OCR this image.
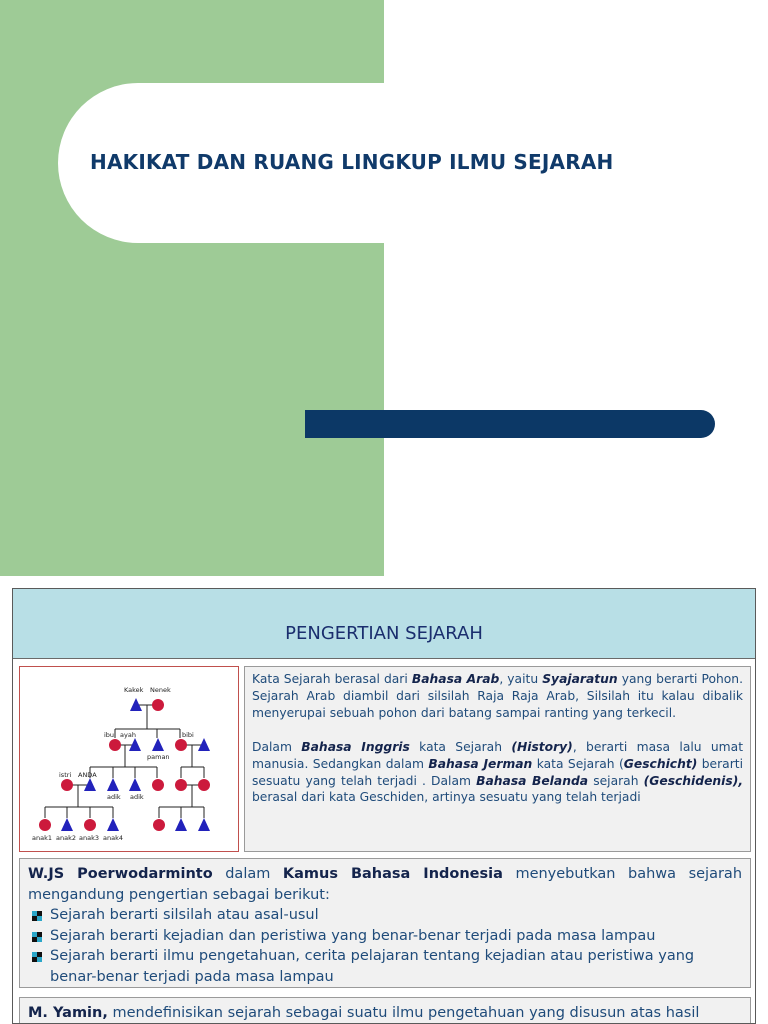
HAKIKAT DAN RUANG LINGKUP ILMU SEJARAH
PENGERTIAN SEJARAH
Kakek Nenek
ibu ayah
paman
bibi
istri ANDA
adik adik
anak1 anak2 anak3 anak4

Kata Sejarah berasal dari Bahasa Arab, yaitu Syajaratun yang berarti Pohon. Sejarah Arab diambil dari silsilah Raja Raja Arab, Silsilah itu kalau dibalik menyerupai sebuah pohon dari batang sampai ranting yang terkecil.

Dalam Bahasa Inggris kata Sejarah (History), berarti masa lalu umat manusia. Sedangkan dalam Bahasa Jerman kata Sejarah (Geschicht) berarti sesuatu yang telah terjadi . Dalam Bahasa Belanda sejarah (Geschidenis), berasal dari kata Geschiden, artinya sesuatu yang telah terjadi

W.JS Poerwodarminto dalam Kamus Bahasa Indonesia menyebutkan bahwa sejarah mengandung pengertian sebagai berikut:

Sejarah berarti silsilah atau asal-usul
Sejarah berarti kejadian dan peristiwa yang benar-benar terjadi pada masa lampau
Sejarah berarti ilmu pengetahuan, cerita pelajaran tentang kejadian atau peristiwa yang benar-benar terjadi pada masa lampau
M. Yamin, mendefinisikan sejarah sebagai suatu ilmu pengetahuan yang disusun atas hasil
